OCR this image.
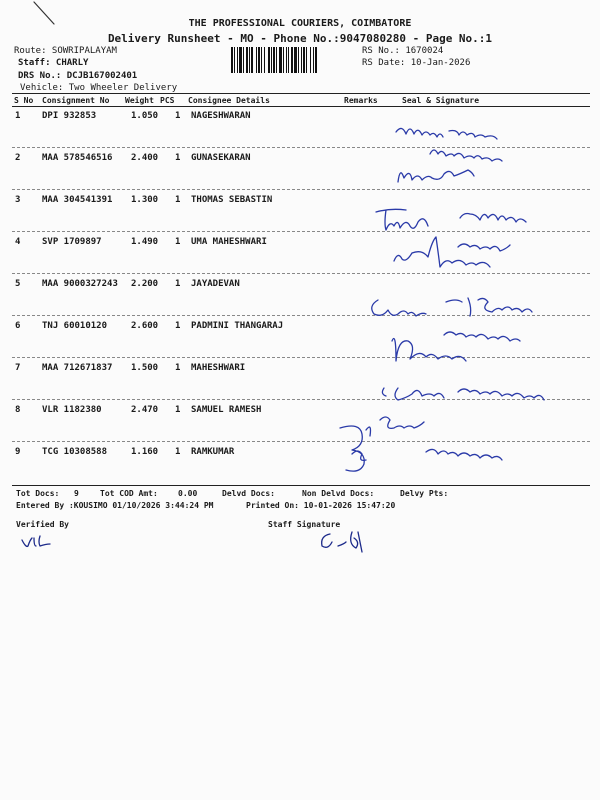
THE PROFESSIONAL COURIERS, COIMBATORE
Delivery Runsheet - MO - Phone No.:9047080280 - Page No.:1
Route: SOWRIPALAYAM
Staff: CHARLY
DRS No.: DCJB167002401
Vehicle: Two Wheeler Delivery
RS No.: 1670024
RS Date: 10-Jan-2026
S No Consignment No Weight PCS Consignee Details	Remarks	Seal & Signature
1 DPI 932853	1.050 1 NAGESHWARAN
2 MAA 578546516 2.400 1 GUNASEKARAN
3 MAA 304541391 1.300 1 THOMAS SEBASTIN
4 SVP 1709897	1.490 1 UMA MAHESHWARI
5 MAA 9000327243 2.200 1 JAYADEVAN
6 TNJ 60010120	2.600 1 PADMINI THANGARAJ
7 MAA 712671837 1.500 1 MAHESHWARI
8 VLR 1182380	2.470 1 SAMUEL RAMESH
9 TCG 10308588	1.160 1 RAMKUMAR
Tot Docs: 9	Tot COD Amt:	0.00	Delvd Docs:	Non Delvd Docs:	Delvy Pts:
Entered By :KOUSIMO 01/10/2026 3:44:24 PM	Printed On: 10-01-2026 15:47:20
Verified By	Staff Signature
